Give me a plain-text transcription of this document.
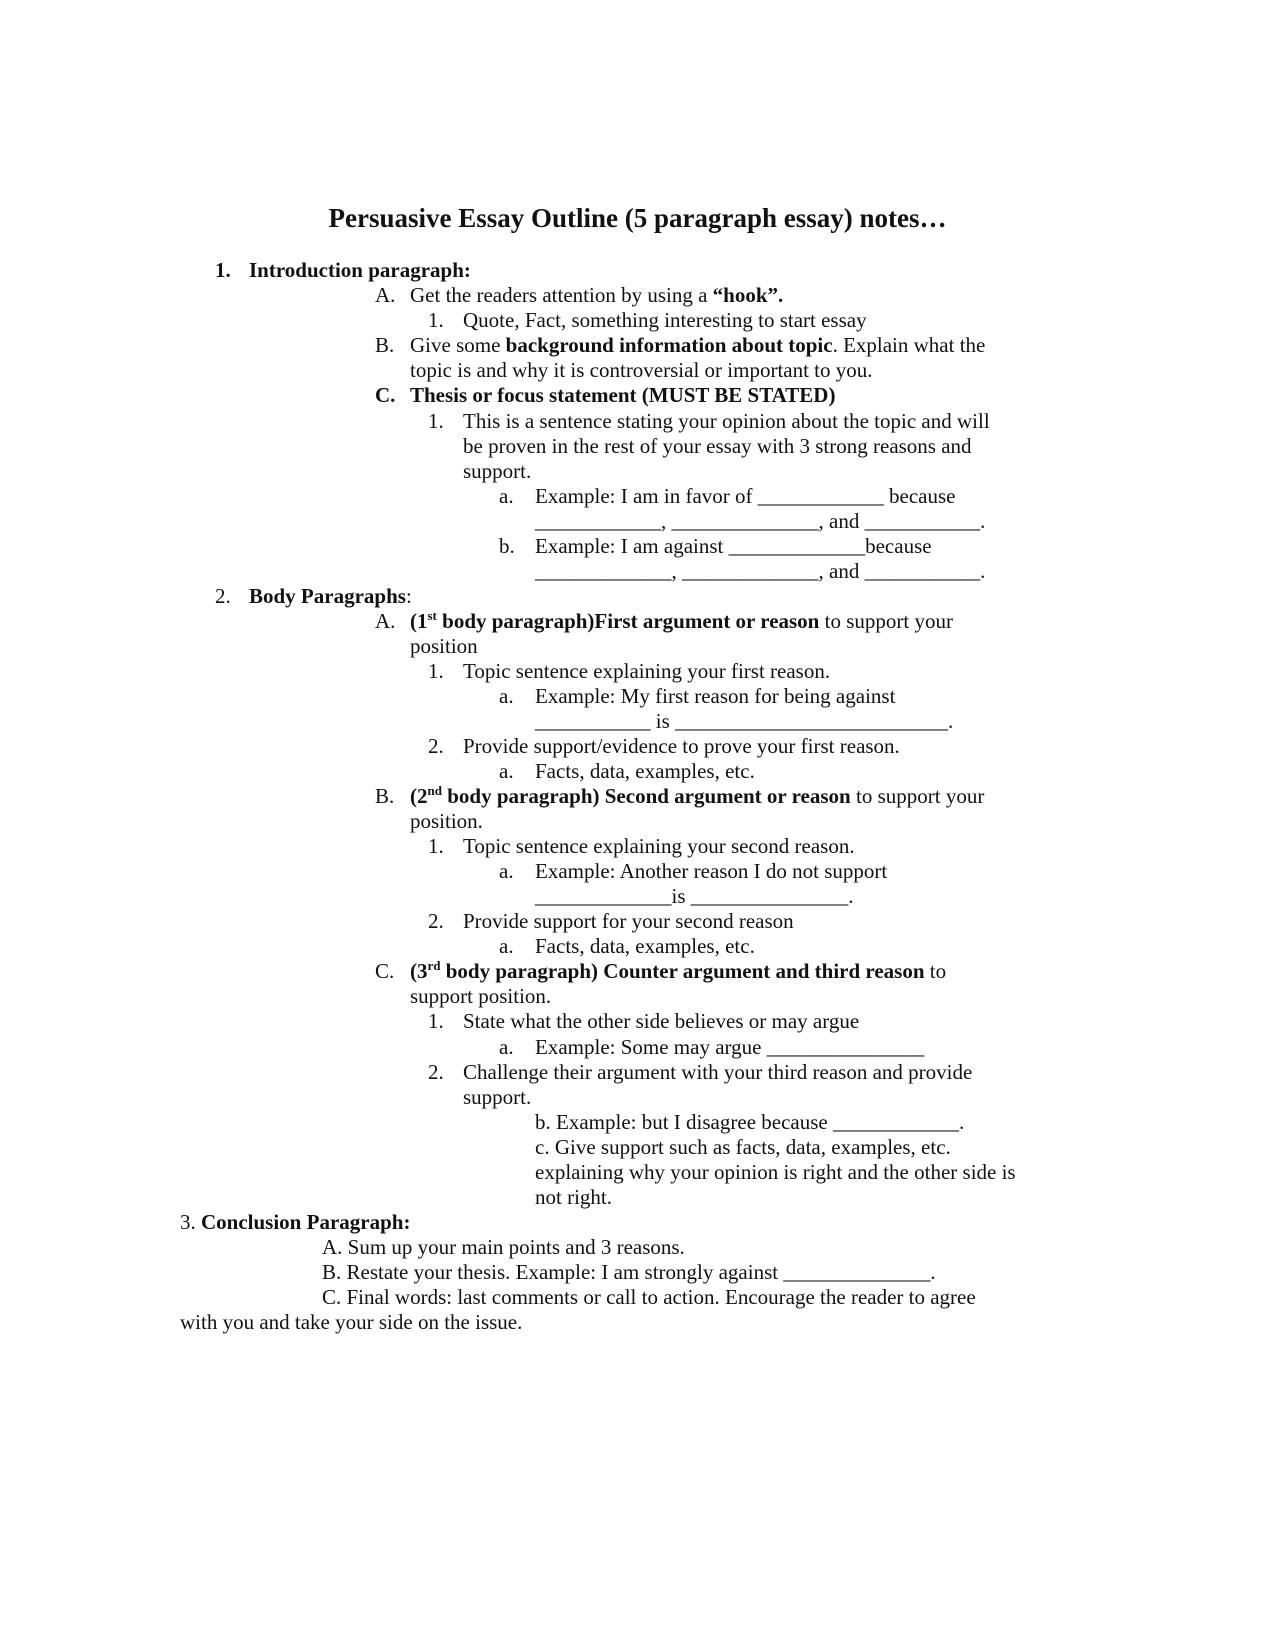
Persuasive Essay Outline (5 paragraph essay) notes…
1. Introduction paragraph:
A. Get the readers attention by using a “hook”.
1. Quote, Fact, something interesting to start essay
B. Give some background information about topic. Explain what the
topic is and why it is controversial or important to you.
C. Thesis or focus statement (MUST BE STATED)
1. This is a sentence stating your opinion about the topic and will
be proven in the rest of your essay with 3 strong reasons and
support.
a. Example: I am in favor of ____________ because
____________, ______________, and ___________.
b. Example: I am against _____________because
_____________, _____________, and ___________.
2. Body Paragraphs:
A. (1st body paragraph)First argument or reason to support your
position
1. Topic sentence explaining your first reason.
a. Example: My first reason for being against
___________ is __________________________.
2. Provide support/evidence to prove your first reason.
a. Facts, data, examples, etc.
B. (2nd body paragraph) Second argument or reason to support your
position.
1. Topic sentence explaining your second reason.
a. Example: Another reason I do not support
_____________is _______________.
2. Provide support for your second reason
a. Facts, data, examples, etc.
C. (3rd body paragraph) Counter argument and third reason to
support position.
1. State what the other side believes or may argue
a. Example: Some may argue _______________
2. Challenge their argument with your third reason and provide
support.
b. Example: but I disagree because ____________.
c. Give support such as facts, data, examples, etc.
explaining why your opinion is right and the other side is
not right.
3. Conclusion Paragraph:
A. Sum up your main points and 3 reasons.
B. Restate your thesis. Example: I am strongly against ______________.
C. Final words: last comments or call to action. Encourage the reader to agree
with you and take your side on the issue.
